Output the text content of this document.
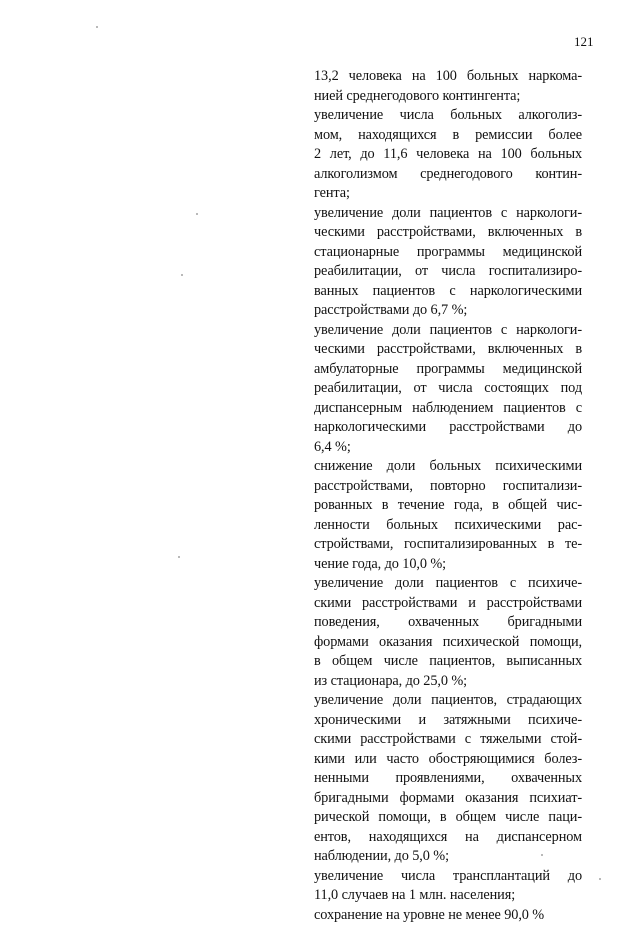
121

13,2 человека на 100 больных наркома-
нией среднегодового контингента;

увеличение числа больных алкоголиз-
мом, находящихся в ремиссии более
2 лет, до 11,6 человека на 100 больных
алкоголизмом среднегодового контин-
гента;

увеличение доли пациентов с наркологи-
ческими расстройствами, включенных в
стационарные программы медицинской
реабилитации, от числа госпитализиро-
ванных пациентов с наркологическими
расстройствами до 6,7 %;

увеличение доли пациентов с наркологи-
ческими расстройствами, включенных в
амбулаторные программы медицинской
реабилитации, от числа состоящих под
диспансерным наблюдением пациентов с
наркологическими расстройствами до
6,4 %;

снижение доли больных психическими
расстройствами, повторно госпитализи-
рованных в течение года, в общей чис-
ленности больных психическими рас-
стройствами, госпитализированных в те-
чение года, до 10,0 %;

увеличение доли пациентов с психиче-
скими расстройствами и расстройствами
поведения, охваченных бригадными
формами оказания психической помощи,
в общем числе пациентов, выписанных
из стационара, до 25,0 %;

увеличение доли пациентов, страдающих
хроническими и затяжными психиче-
скими расстройствами с тяжелыми стой-
кими или часто обостряющимися болез-
ненными проявлениями, охваченных
бригадными формами оказания психиат-
рической помощи, в общем числе паци-
ентов, находящихся на диспансерном
наблюдении, до 5,0 %;

увеличение числа трансплантаций до
11,0 случаев на 1 млн. населения;

сохранение на уровне не менее 90,0 %
